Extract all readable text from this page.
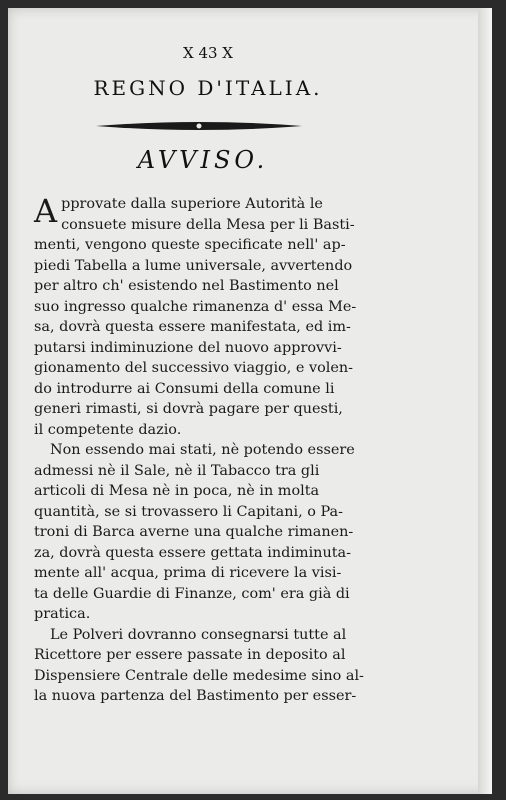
X 43 X
REGNO D'ITALIA.
AVVISO.
A pprovate dalla superiore Autorità le
consuete misure della Mesa per li Basti-
menti, vengono queste specificate nell' ap-
piedi Tabella a lume universale, avvertendo
per altro ch' esistendo nel Bastimento nel
suo ingresso qualche rimanenza d' essa Me-
sa, dovrà questa essere manifestata, ed im-
putarsi indiminuzione del nuovo approvvi-
gionamento del successivo viaggio, e volen-
do introdurre ai Consumi della comune li
generi rimasti, si dovrà pagare per questi,
il competente dazio.
Non essendo mai stati, nè potendo essere
admessi nè il Sale, nè il Tabacco tra gli
articoli di Mesa nè in poca, nè in molta
quantità, se si trovassero li Capitani, o Pa-
troni di Barca averne una qualche rimanen-
za, dovrà questa essere gettata indiminuta-
mente all' acqua, prima di ricevere la visi-
ta delle Guardie di Finanze, com' era già di
pratica.
Le Polveri dovranno consegnarsi tutte al
Ricettore per essere passate in deposito al
Dispensiere Centrale delle medesime sino al-
la nuova partenza del Bastimento per esser-
